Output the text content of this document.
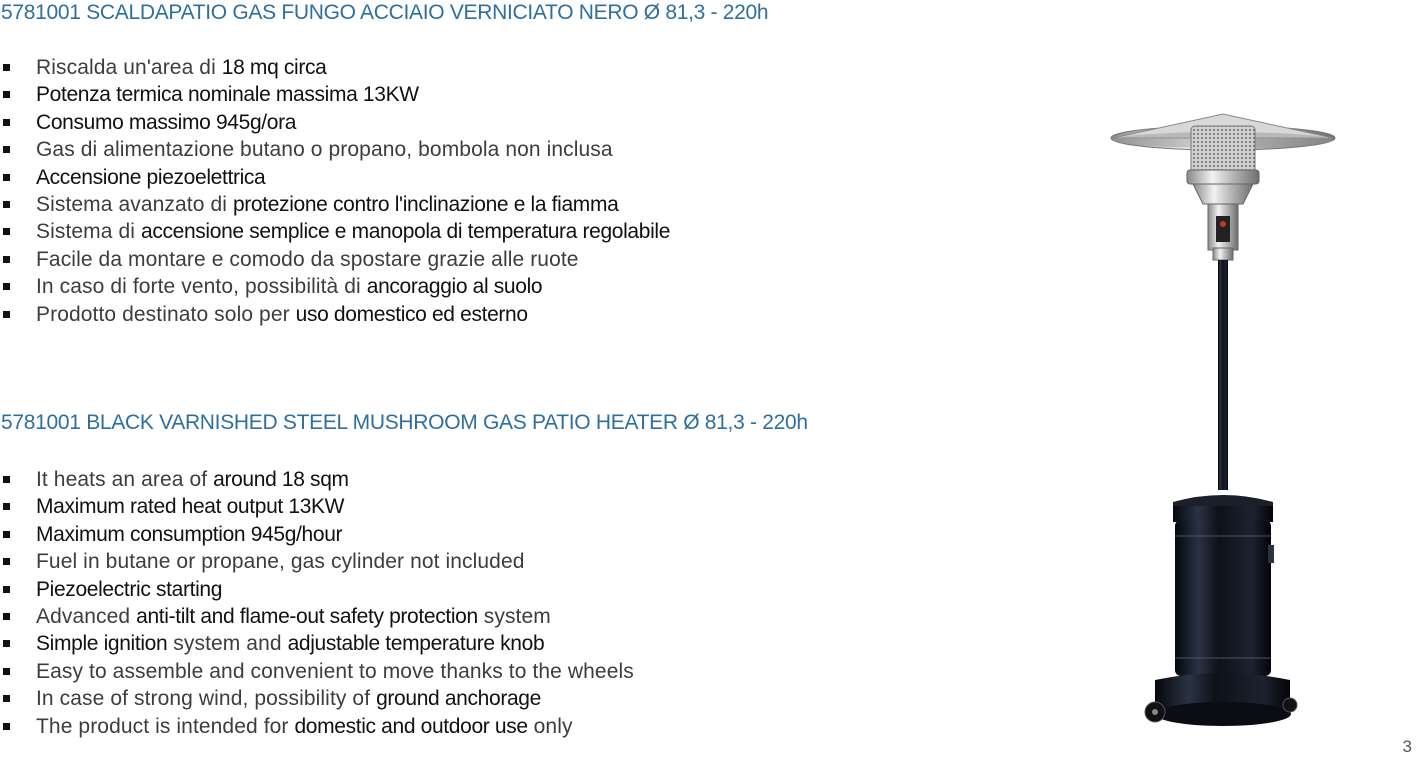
5781001 SCALDAPATIO GAS FUNGO ACCIAIO VERNICIATO NERO Ø 81,3 - 220h
Riscalda un'area di 18 mq circa
Potenza termica nominale massima 13KW
Consumo massimo 945g/ora
Gas di alimentazione butano o propano, bombola non inclusa
Accensione piezoelettrica
Sistema avanzato di protezione contro l'inclinazione e la fiamma
Sistema di accensione semplice e manopola di temperatura regolabile
Facile da montare e comodo da spostare grazie alle ruote
In caso di forte vento, possibilità di ancoraggio al suolo
Prodotto destinato solo per uso domestico ed esterno
5781001 BLACK VARNISHED STEEL MUSHROOM GAS PATIO HEATER Ø 81,3 - 220h
It heats an area of around 18 sqm
Maximum rated heat output 13KW
Maximum consumption 945g/hour
Fuel in butane or propane, gas cylinder not included
Piezoelectric starting
Advanced anti-tilt and flame-out safety protection system
Simple ignition system and adjustable temperature knob
Easy to assemble and convenient to move thanks to the wheels
In case of strong wind, possibility of ground anchorage
The product is intended for domestic and outdoor use only
3
